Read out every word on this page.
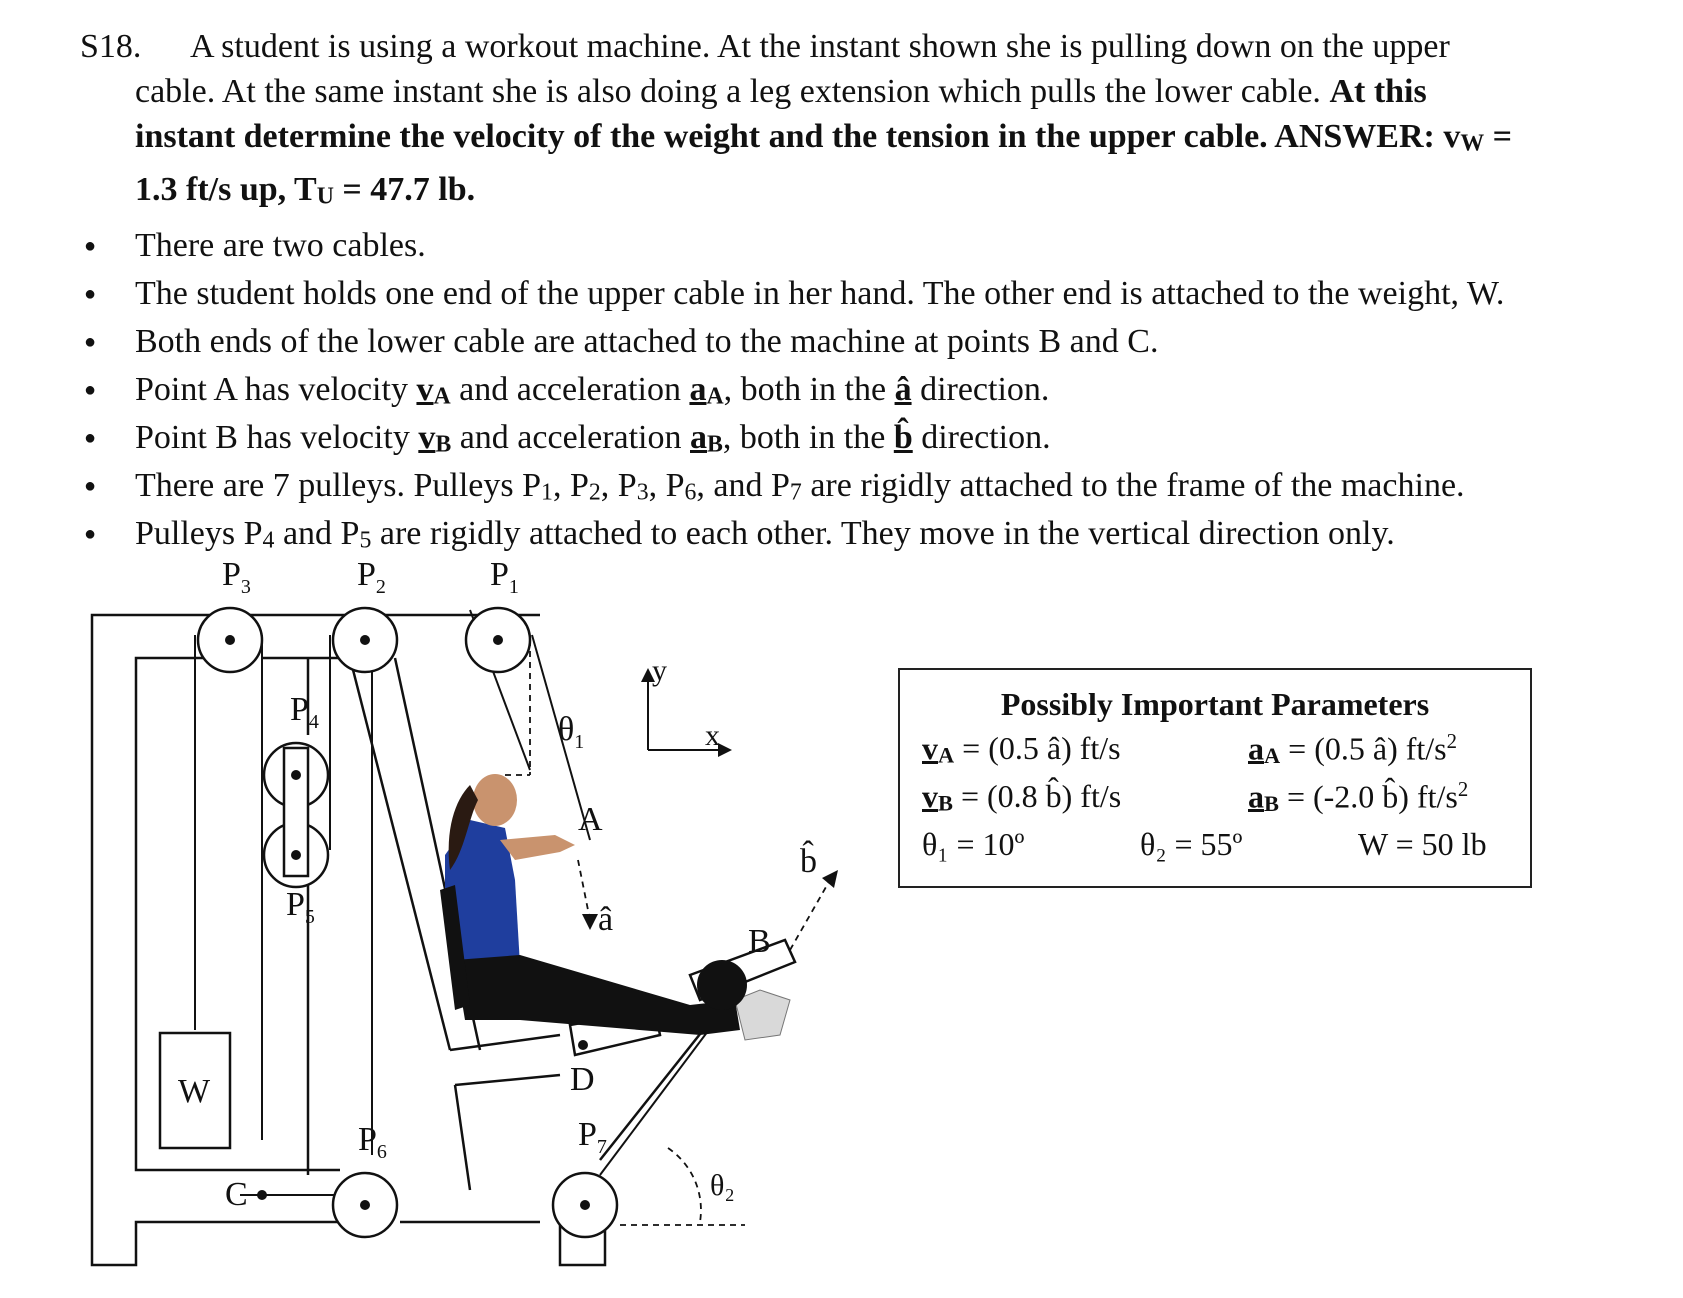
S18.	A student is using a workout machine. At the instant shown she is pulling down on the upper
cable. At the same instant she is also doing a leg extension which pulls the lower cable. At this
instant determine the velocity of the weight and the tension in the upper cable. ANSWER: vW =
1.3 ft/s up, TU = 47.7 lb.
● There are two cables.
● The student holds one end of the upper cable in her hand. The other end is attached to the weight, W.
● Both ends of the lower cable are attached to the machine at points B and C.
● Point A has velocity vA and acceleration aA, both in the â direction.
● Point B has velocity vB and acceleration aB, both in the b̂ direction.
● There are 7 pulleys. Pulleys P1, P2, P3, P6, and P7 are rigidly attached to the frame of the machine.
● Pulleys P4 and P5 are rigidly attached to each other. They move in the vertical direction only.
$P_3$	$P_2$	$P_1$
$P_4$
$P_5$
$P_6$	$P_7$
$\theta_1$
θ₂
A
â
B
b̂
C
D
W
x
y
Possibly Important Parameters
vA = (0.5 â) ft/s	aA = (0.5 â) $ft/s^2$
vB = (0.8 b̂) ft/s	aB = (-2.0 b̂) $ft/s^2$
θ₁ = 10º	θ₂ = 55º	W = 50 lb
